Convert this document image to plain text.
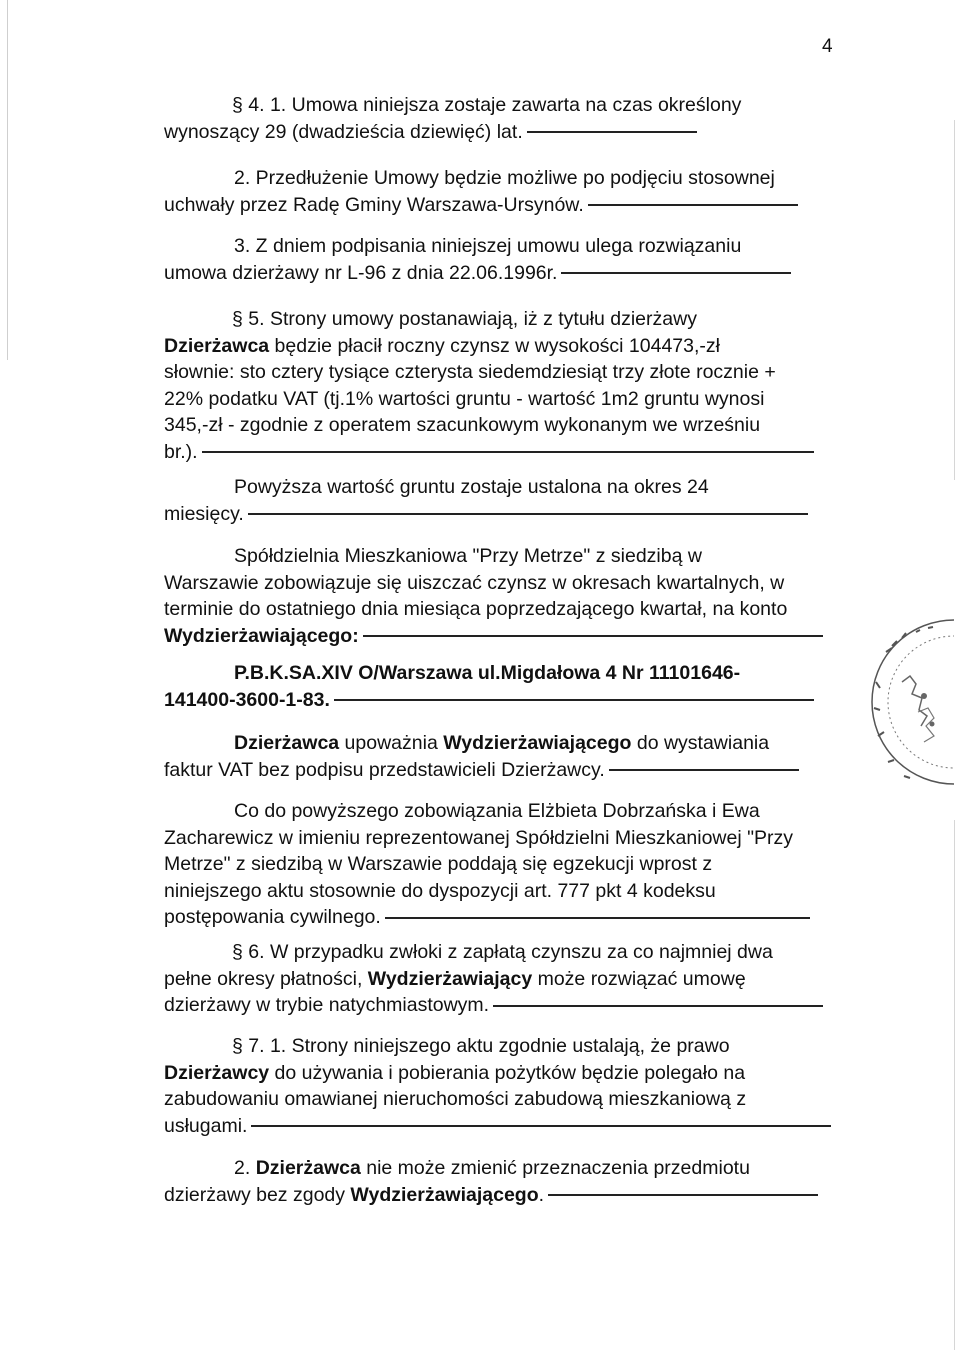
4
§ 4. 1. Umowa niniejsza zostaje zawarta na czas określony
wynoszący 29 (dwadzieścia dziewięć) lat.
2. Przedłużenie Umowy będzie możliwe po podjęciu stosownej
uchwały przez Radę Gminy Warszawa-Ursynów.
3. Z dniem podpisania niniejszej umowu ulega rozwiązaniu
umowa dzierżawy nr L-96 z dnia 22.06.1996r.
§ 5. Strony umowy postanawiają, iż z tytułu dzierżawy
Dzierżawca będzie płacił roczny czynsz w wysokości 104473,-zł
słownie: sto cztery tysiące czterysta siedemdziesiąt trzy złote rocznie +
22% podatku VAT (tj.1% wartości gruntu - wartość 1m2 gruntu wynosi
345,-zł - zgodnie z operatem szacunkowym wykonanym we wrześniu
br.).
Powyższa wartość gruntu zostaje ustalona na okres 24
miesięcy.
Spółdzielnia Mieszkaniowa "Przy Metrze" z siedzibą w
Warszawie zobowiązuje się uiszczać czynsz w okresach kwartalnych, w
terminie do ostatniego dnia miesiąca poprzedzającego kwartał, na konto
Wydzierżawiającego:
P.B.K.SA.XIV O/Warszawa ul.Migdałowa 4 Nr 11101646-
141400-3600-1-83.
Dzierżawca upoważnia Wydzierżawiającego do wystawiania
faktur VAT bez podpisu przedstawicieli Dzierżawcy.
Co do powyższego zobowiązania Elżbieta Dobrzańska i Ewa
Zacharewicz w imieniu reprezentowanej Spółdzielni Mieszkaniowej "Przy
Metrze" z siedzibą w Warszawie poddają się egzekucji wprost z
niniejszego aktu stosownie do dyspozycji art. 777 pkt 4 kodeksu
postępowania cywilnego.
§ 6. W przypadku zwłoki z zapłatą czynszu za co najmniej dwa
pełne okresy płatności, Wydzierżawiający może rozwiązać umowę
dzierżawy w trybie natychmiastowym.
§ 7. 1. Strony niniejszego aktu zgodnie ustalają, że prawo
Dzierżawcy do używania i pobierania pożytków będzie polegało na
zabudowaniu omawianej nieruchomości zabudową mieszkaniową z
usługami.
2. Dzierżawca nie może zmienić przeznaczenia przedmiotu
dzierżawy bez zgody Wydzierżawiającego.
